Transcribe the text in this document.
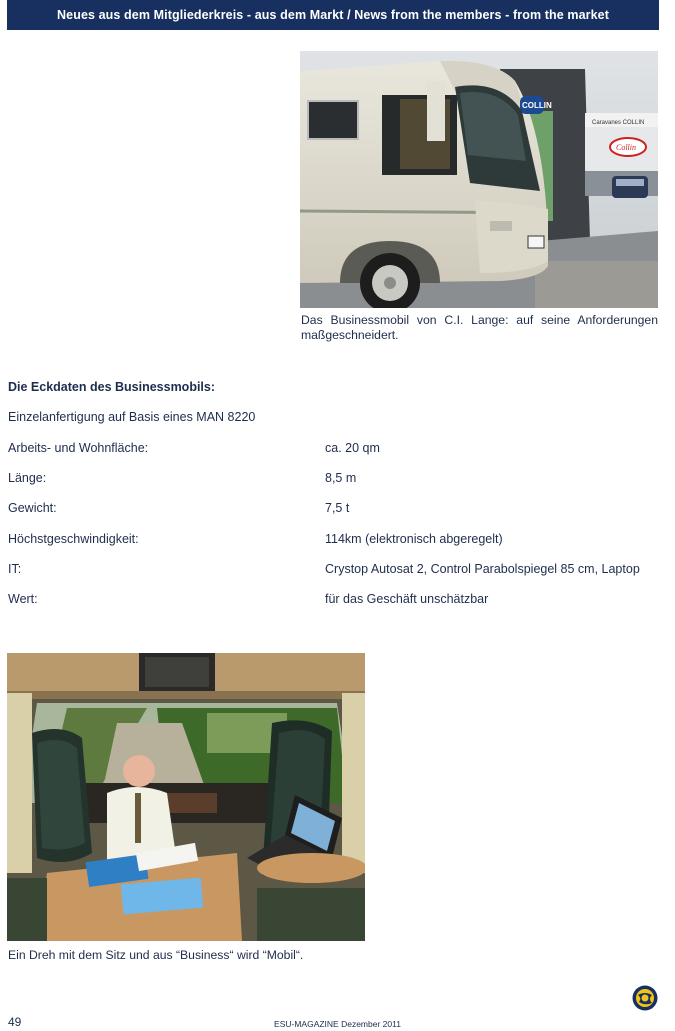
Neues aus dem Mitgliederkreis - aus dem Markt / News from the members - from the market
Caravanes COLLIN
Collin
COLLIN
Das Businessmobil von C.I. Lange: auf seine Anforderungen maßgeschneidert.
Die Eckdaten des Businessmobils:
Einzelanfertigung auf Basis eines MAN 8220
Arbeits- und Wohnfläche:	ca. 20 qm
Länge:	8,5 m
Gewicht:	7,5 t
Höchstgeschwindigkeit:	114km (elektronisch abgeregelt)
IT:	Crystop Autosat 2, Control Parabolspiegel 85 cm, Laptop
Wert:	für das Geschäft unschätzbar
Ein Dreh mit dem Sitz und aus “Business“ wird “Mobil“.
49	ESU-MAGAZINE Dezember 2011
